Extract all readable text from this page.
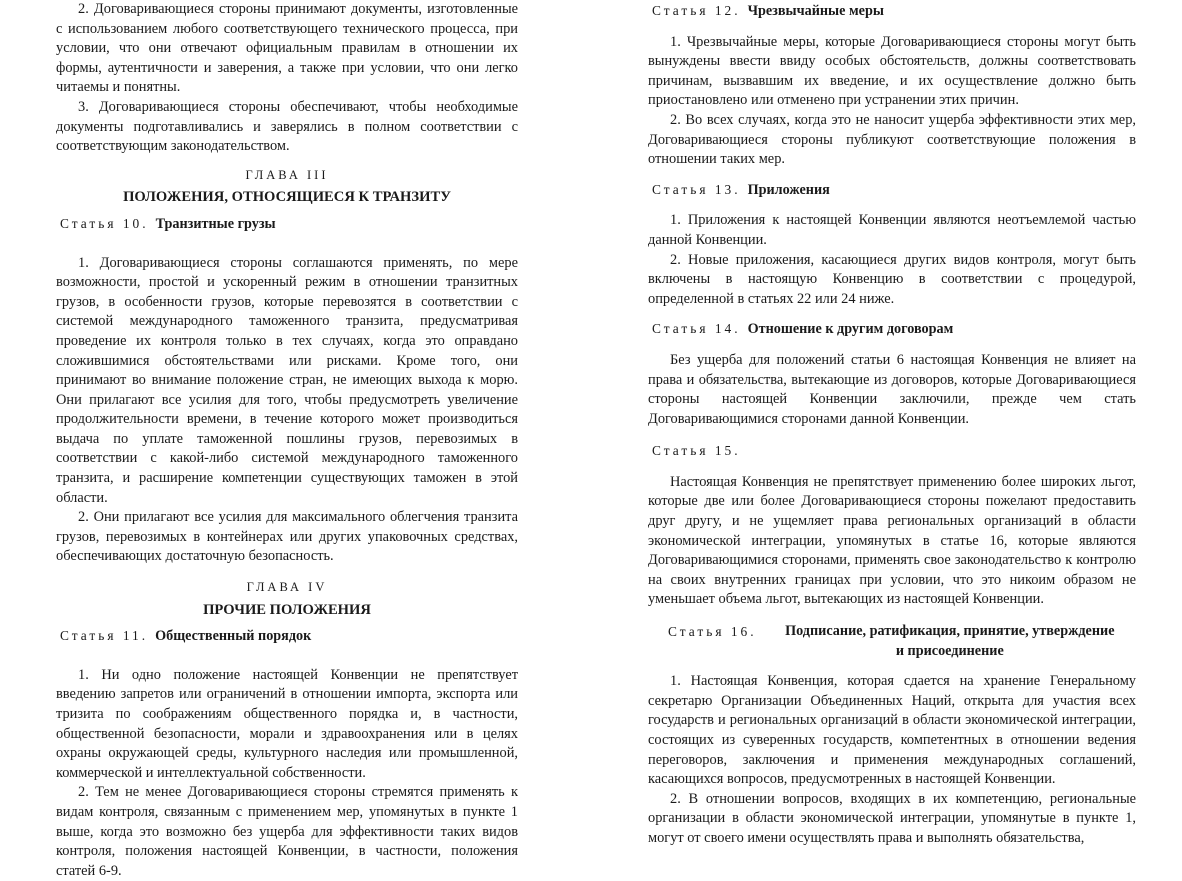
2. Договаривающиеся стороны принимают документы, изготовленные с использованием любого соответствующего технического процесса, при условии, что они отвечают официальным правилам в отношении их формы, аутентичности и заверения, а также при условии, что они легко читаемы и понятны.

3. Договаривающиеся стороны обеспечивают, чтобы необходимые документы подготавливались и заверялись в полном соответствии с соответствующим законодательством.

ГЛАВА III
ПОЛОЖЕНИЯ, ОТНОСЯЩИЕСЯ К ТРАНЗИТУ
Статья 10. Транзитные грузы

1. Договаривающиеся стороны соглашаются применять, по мере возможности, простой и ускоренный режим в отношении транзитных грузов, в особенности грузов, которые перевозятся в соответствии с системой международного таможенного транзита, предусматривая проведение их контроля только в тех случаях, когда это оправдано сложившимися обстоятельствами или рисками. Кроме того, они принимают во внимание положение стран, не имеющих выхода к морю. Они прилагают все усилия для того, чтобы предусмотреть увеличение продолжительности времени, в течение которого может производиться выдача по уплате таможенной пошлины грузов, перевозимых в соответствии с какой-либо системой международного таможенного транзита, и расширение компетенции существующих таможен в этой области.

2. Они прилагают все усилия для максимального облегчения транзита грузов, перевозимых в контейнерах или других упаковочных средствах, обеспечивающих достаточную безопасность.

ГЛАВА IV
ПРОЧИЕ ПОЛОЖЕНИЯ
Статья 11. Общественный порядок

1. Ни одно положение настоящей Конвенции не препятствует введению запретов или ограничений в отношении импорта, экспорта или тризита по соображениям общественного порядка и, в частности, общественной безопасности, морали и здравоохранения или в целях охраны окружающей среды, культурного наследия или промышленной, коммерческой и интеллектуальной собственности.

2. Тем не менее Договаривающиеся стороны стремятся применять к видам контроля, связанным с применением мер, упомянутых в пункте 1 выше, когда это возможно без ущерба для эффективности таких видов контроля, положения настоящей Конвенции, в частности, положения статей 6-9.

Статья 12. Чрезвычайные меры

1. Чрезвычайные меры, которые Договаривающиеся стороны могут быть вынуждены ввести ввиду особых обстоятельств, должны соответствовать причинам, вызвавшим их введение, и их осуществление должно быть приостановлено или отменено при устранении этих причин.

2. Во всех случаях, когда это не наносит ущерба эффективности этих мер, Договаривающиеся стороны публикуют соответствующие положения в отношении таких мер.

Статья 13. Приложения

1. Приложения к настоящей Конвенции являются неотъемлемой частью данной Конвенции.

2. Новые приложения, касающиеся других видов контроля, могут быть включены в настоящую Конвенцию в соответствии с процедурой, определенной в статьях 22 или 24 ниже.

Статья 14. Отношение к другим договорам

Без ущерба для положений статьи 6 настоящая Конвенция не влияет на права и обязательства, вытекающие из договоров, которые Договаривающиеся стороны настоящей Конвенции заключили, прежде чем стать Договаривающимися сторонами данной Конвенции.

Статья 15.

Настоящая Конвенция не препятствует применению более широких льгот, которые две или более Договаривающиеся стороны пожелают предоставить друг другу, и не ущемляет права региональных организаций в области экономической интеграции, упомянутых в статье 16, которые являются Договаривающимися сторонами, применять свое законодательство к контролю на своих внутренних границах при условии, что это никоим образом не уменьшает объема льгот, вытекающих из настоящей Конвенции.

Статья 16.	Подписание, ратификация, принятие, утверждение
и присоединение

1. Настоящая Конвенция, которая сдается на хранение Генеральному секретарю Организации Объединенных Наций, открыта для участия всех государств и региональных организаций в области экономической интеграции, состоящих из суверенных государств, компетентных в отношении ведения переговоров, заключения и применения международных соглашений, касающихся вопросов, предусмотренных в настоящей Конвенции.

2. В отношении вопросов, входящих в их компетенцию, региональные организации в области экономической интеграции, упомянутые в пункте 1, могут от своего имени осуществлять права и выполнять обязательства,
